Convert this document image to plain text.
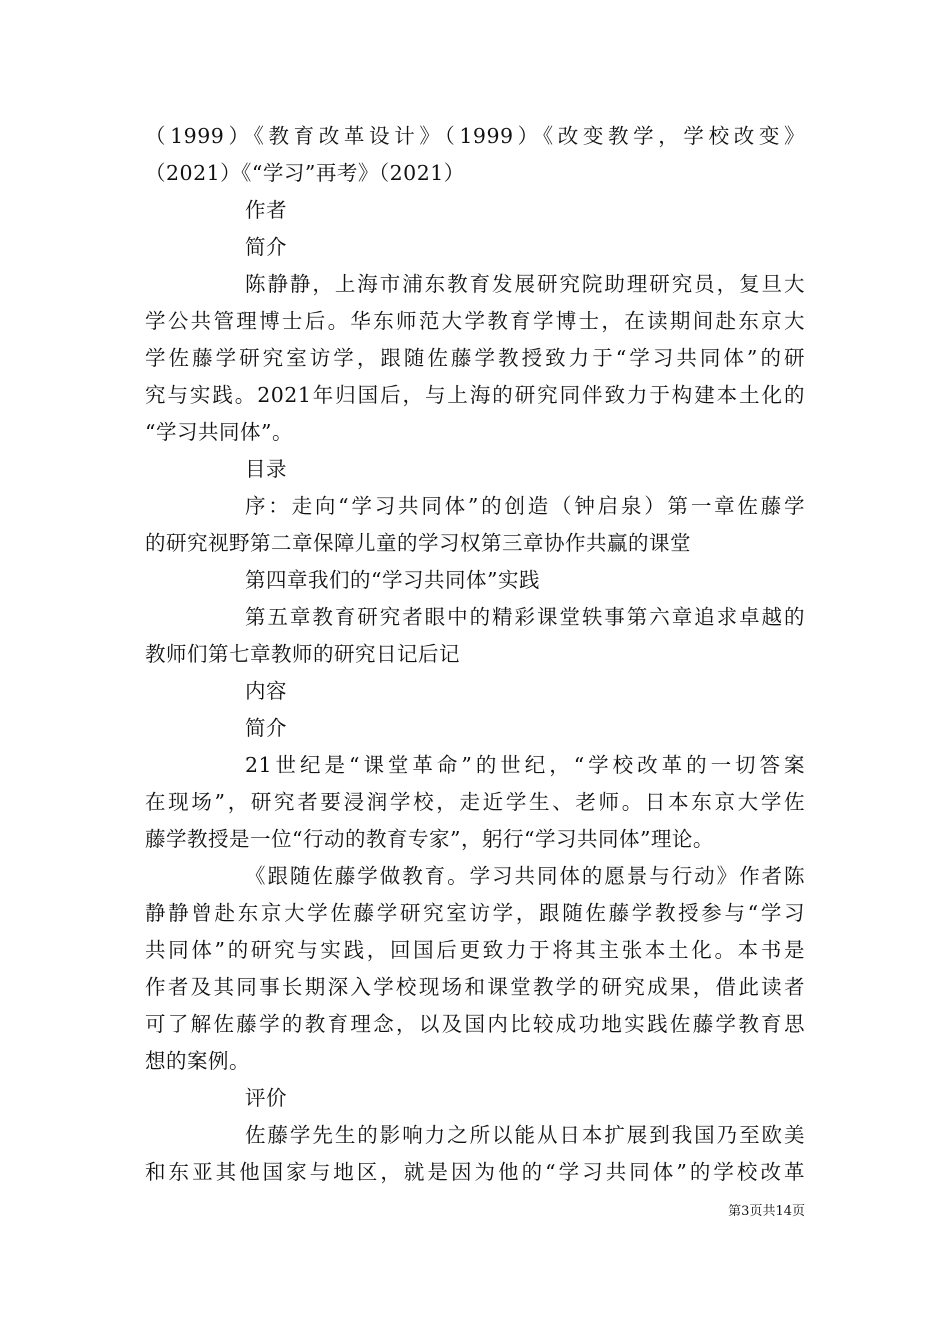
（1999）《教育改革设计》（1999）《改变教学，学校改变》
（2021）《“学习”再考》（2021）
作者
简介
陈静静，上海市浦东教育发展研究院助理研究员，复旦大
学公共管理博士后。华东师范大学教育学博士，在读期间赴东京大
学佐藤学研究室访学，跟随佐藤学教授致力于“学习共同体”的研
究与实践。2021年归国后，与上海的研究同伴致力于构建本土化的
“学习共同体”。
目录
序：走向“学习共同体”的创造（钟启泉）第一章佐藤学
的研究视野第二章保障儿童的学习权第三章协作共赢的课堂
第四章我们的“学习共同体”实践
第五章教育研究者眼中的精彩课堂轶事第六章追求卓越的
教师们第七章教师的研究日记后记
内容
简介
21世纪是“课堂革命”的世纪，“学校改革的一切答案
在现场”，研究者要浸润学校，走近学生、老师。日本东京大学佐
藤学教授是一位“行动的教育专家”，躬行“学习共同体”理论。
《跟随佐藤学做教育。学习共同体的愿景与行动》作者陈
静静曾赴东京大学佐藤学研究室访学，跟随佐藤学教授参与“学习
共同体”的研究与实践，回国后更致力于将其主张本土化。本书是
作者及其同事长期深入学校现场和课堂教学的研究成果，借此读者
可了解佐藤学的教育理念，以及国内比较成功地实践佐藤学教育思
想的案例。
评价
佐藤学先生的影响力之所以能从日本扩展到我国乃至欧美
和东亚其他国家与地区，就是因为他的“学习共同体”的学校改革
第3页共14页
